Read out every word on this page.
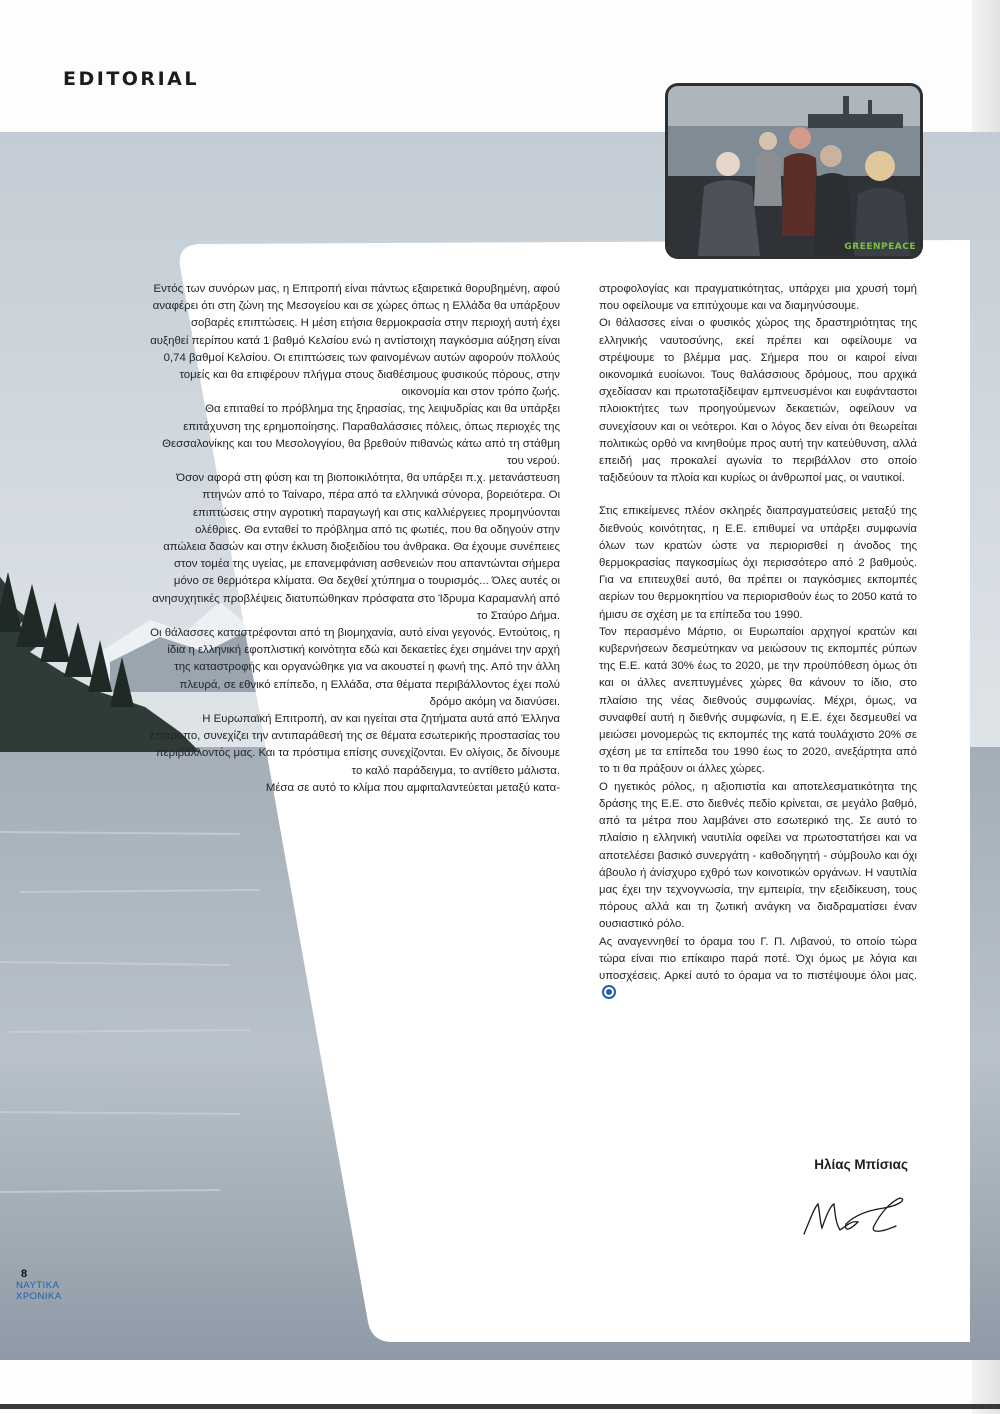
EDITORIAL
GREENPEACE

Εντός των συνόρων μας, η Επιτροπή είναι πάντως εξαιρετικά θορυβημένη, αφού αναφέρει ότι στη ζώνη της Μεσογείου και σε χώρες όπως η Ελλάδα θα υπάρξουν σοβαρές επιπτώσεις. Η μέση ετήσια θερμοκρασία στην περιοχή αυτή έχει αυξηθεί περίπου κατά 1 βαθμό Κελσίου ενώ η αντίστοιχη παγκόσμια αύξηση είναι 0,74 βαθμοί Κελσίου. Οι επιπτώσεις των φαινομένων αυτών αφορούν πολλούς τομείς και θα επιφέρουν πλήγμα στους διαθέσιμους φυσικούς πόρους, στην οικονομία και στον τρόπο ζωής.

Θα επιταθεί το πρόβλημα της ξηρασίας, της λειψυδρίας και θα υπάρξει επιτάχυνση της ερημοποίησης. Παραθαλάσσιες πόλεις, όπως περιοχές της Θεσσαλονίκης και του Μεσολογγίου, θα βρεθούν πιθανώς κάτω από τη στάθμη του νερού.

Όσον αφορά στη φύση και τη βιοποικιλότητα, θα υπάρξει π.χ. μετανάστευση πτηνών από το Ταίναρο, πέρα από τα ελληνικά σύνορα, βορειότερα. Οι επιπτώσεις στην αγροτική παραγωγή και στις καλλιέργειες προμηνύονται ολέθριες. Θα ενταθεί το πρόβλημα από τις φωτιές, που θα οδηγούν στην απώλεια δασών και στην έκλυση διοξειδίου του άνθρακα. Θα έχουμε συνέπειες στον τομέα της υγείας, με επανεμφάνιση ασθενειών που απαντώνται σήμερα μόνο σε θερμότερα κλίματα. Θα δεχθεί χτύπημα ο τουρισμός... Όλες αυτές οι ανησυχητικές προβλέψεις διατυπώθηκαν πρόσφατα στο Ίδρυμα Καραμανλή από το Σταύρο Δήμα.

Οι θάλασσες καταστρέφονται από τη βιομηχανία, αυτό είναι γεγονός. Εντούτοις, η ίδια η ελληνική εφοπλιστική κοινότητα εδώ και δεκαετίες έχει σημάνει την αρχή της καταστροφής και οργανώθηκε για να ακουστεί η φωνή της. Από την άλλη πλευρά, σε εθνικό επίπεδο, η Ελλάδα, στα θέματα περιβάλλοντος έχει πολύ δρόμο ακόμη να διανύσει.

Η Ευρωπαϊκή Επιτροπή, αν και ηγείται στα ζητήματα αυτά από Έλληνα επίτροπο, συνεχίζει την αντιπαράθεσή της σε θέματα εσωτερικής προστασίας του περιβάλλοντός μας. Και τα πρόστιμα επίσης συνεχίζονται. Εν ολίγοις, δε δίνουμε το καλό παράδειγμα, το αντίθετο μάλιστα.

Μέσα σε αυτό το κλίμα που αμφιταλαντεύεται μεταξύ κατα-

στροφολογίας και πραγματικότητας, υπάρχει μια χρυσή τομή που οφείλουμε να επιτύχουμε και να διαμηνύσουμε.

Οι θάλασσες είναι ο φυσικός χώρος της δραστηριότητας της ελληνικής ναυτοσύνης, εκεί πρέπει και οφείλουμε να στρέψουμε το βλέμμα μας. Σήμερα που οι καιροί είναι οικονομικά ευοίωνοι. Τους θαλάσσιους δρόμους, που αρχικά σχεδίασαν και πρωτοταξίδεψαν εμπνευσμένοι και ευφάνταστοι πλοιοκτήτες των προηγούμενων δεκαετιών, οφείλουν να συνεχίσουν και οι νεότεροι. Και ο λόγος δεν είναι ότι θεωρείται πολιτικώς ορθό να κινηθούμε προς αυτή την κατεύθυνση, αλλά επειδή μας προκαλεί αγωνία το περιβάλλον στο οποίο ταξιδεύουν τα πλοία και κυρίως οι άνθρωποί μας, οι ναυτικοί.

Στις επικείμενες πλέον σκληρές διαπραγματεύσεις μεταξύ της διεθνούς κοινότητας, η Ε.Ε. επιθυμεί να υπάρξει συμφωνία όλων των κρατών ώστε να περιορισθεί η άνοδος της θερμοκρασίας παγκοσμίως όχι περισσότερο από 2 βαθμούς. Για να επιτευχθεί αυτό, θα πρέπει οι παγκόσμιες εκπομπές αερίων του θερμοκηπίου να περιορισθούν έως το 2050 κατά το ήμισυ σε σχέση με τα επίπεδα του 1990.

Τον περασμένο Μάρτιο, οι Ευρωπαίοι αρχηγοί κρατών και κυβερνήσεων δεσμεύτηκαν να μειώσουν τις εκπομπές ρύπων της Ε.Ε. κατά 30% έως το 2020, με την προϋπόθεση όμως ότι και οι άλλες ανεπτυγμένες χώρες θα κάνουν το ίδιο, στο πλαίσιο της νέας διεθνούς συμφωνίας. Μέχρι, όμως, να συναφθεί αυτή η διεθνής συμφωνία, η Ε.Ε. έχει δεσμευθεί να μειώσει μονομερώς τις εκπομπές της κατά τουλάχιστο 20% σε σχέση με τα επίπεδα του 1990 έως το 2020, ανεξάρτητα από το τι θα πράξουν οι άλλες χώρες.

Ο ηγετικός ρόλος, η αξιοπιστία και αποτελεσματικότητα της δράσης της Ε.Ε. στο διεθνές πεδίο κρίνεται, σε μεγάλο βαθμό, από τα μέτρα που λαμβάνει στο εσωτερικό της. Σε αυτό το πλαίσιο η ελληνική ναυτιλία οφείλει να πρωτοστατήσει και να αποτελέσει βασικό συνεργάτη - καθοδηγητή - σύμβουλο και όχι άβουλο ή άνίσχυρο εχθρό των κοινοτικών οργάνων. Η ναυτιλία μας έχει την τεχνογνωσία, την εμπειρία, την εξειδίκευση, τους πόρους αλλά και τη ζωτική ανάγκη να διαδραματίσει έναν ουσιαστικό ρόλο.

Ας αναγεννηθεί το όραμα του Γ. Π. Λιβανού, το οποίο τώρα τώρα είναι πιο επίκαιρο παρά ποτέ. Όχι όμως με λόγια και υποσχέσεις. Αρκεί αυτό το όραμα να το πιστέψουμε όλοι μας.

Ηλίας Μπίσιας
8
ΝΑΥΤΙΚΑ
ΧΡΟΝΙΚΑ
